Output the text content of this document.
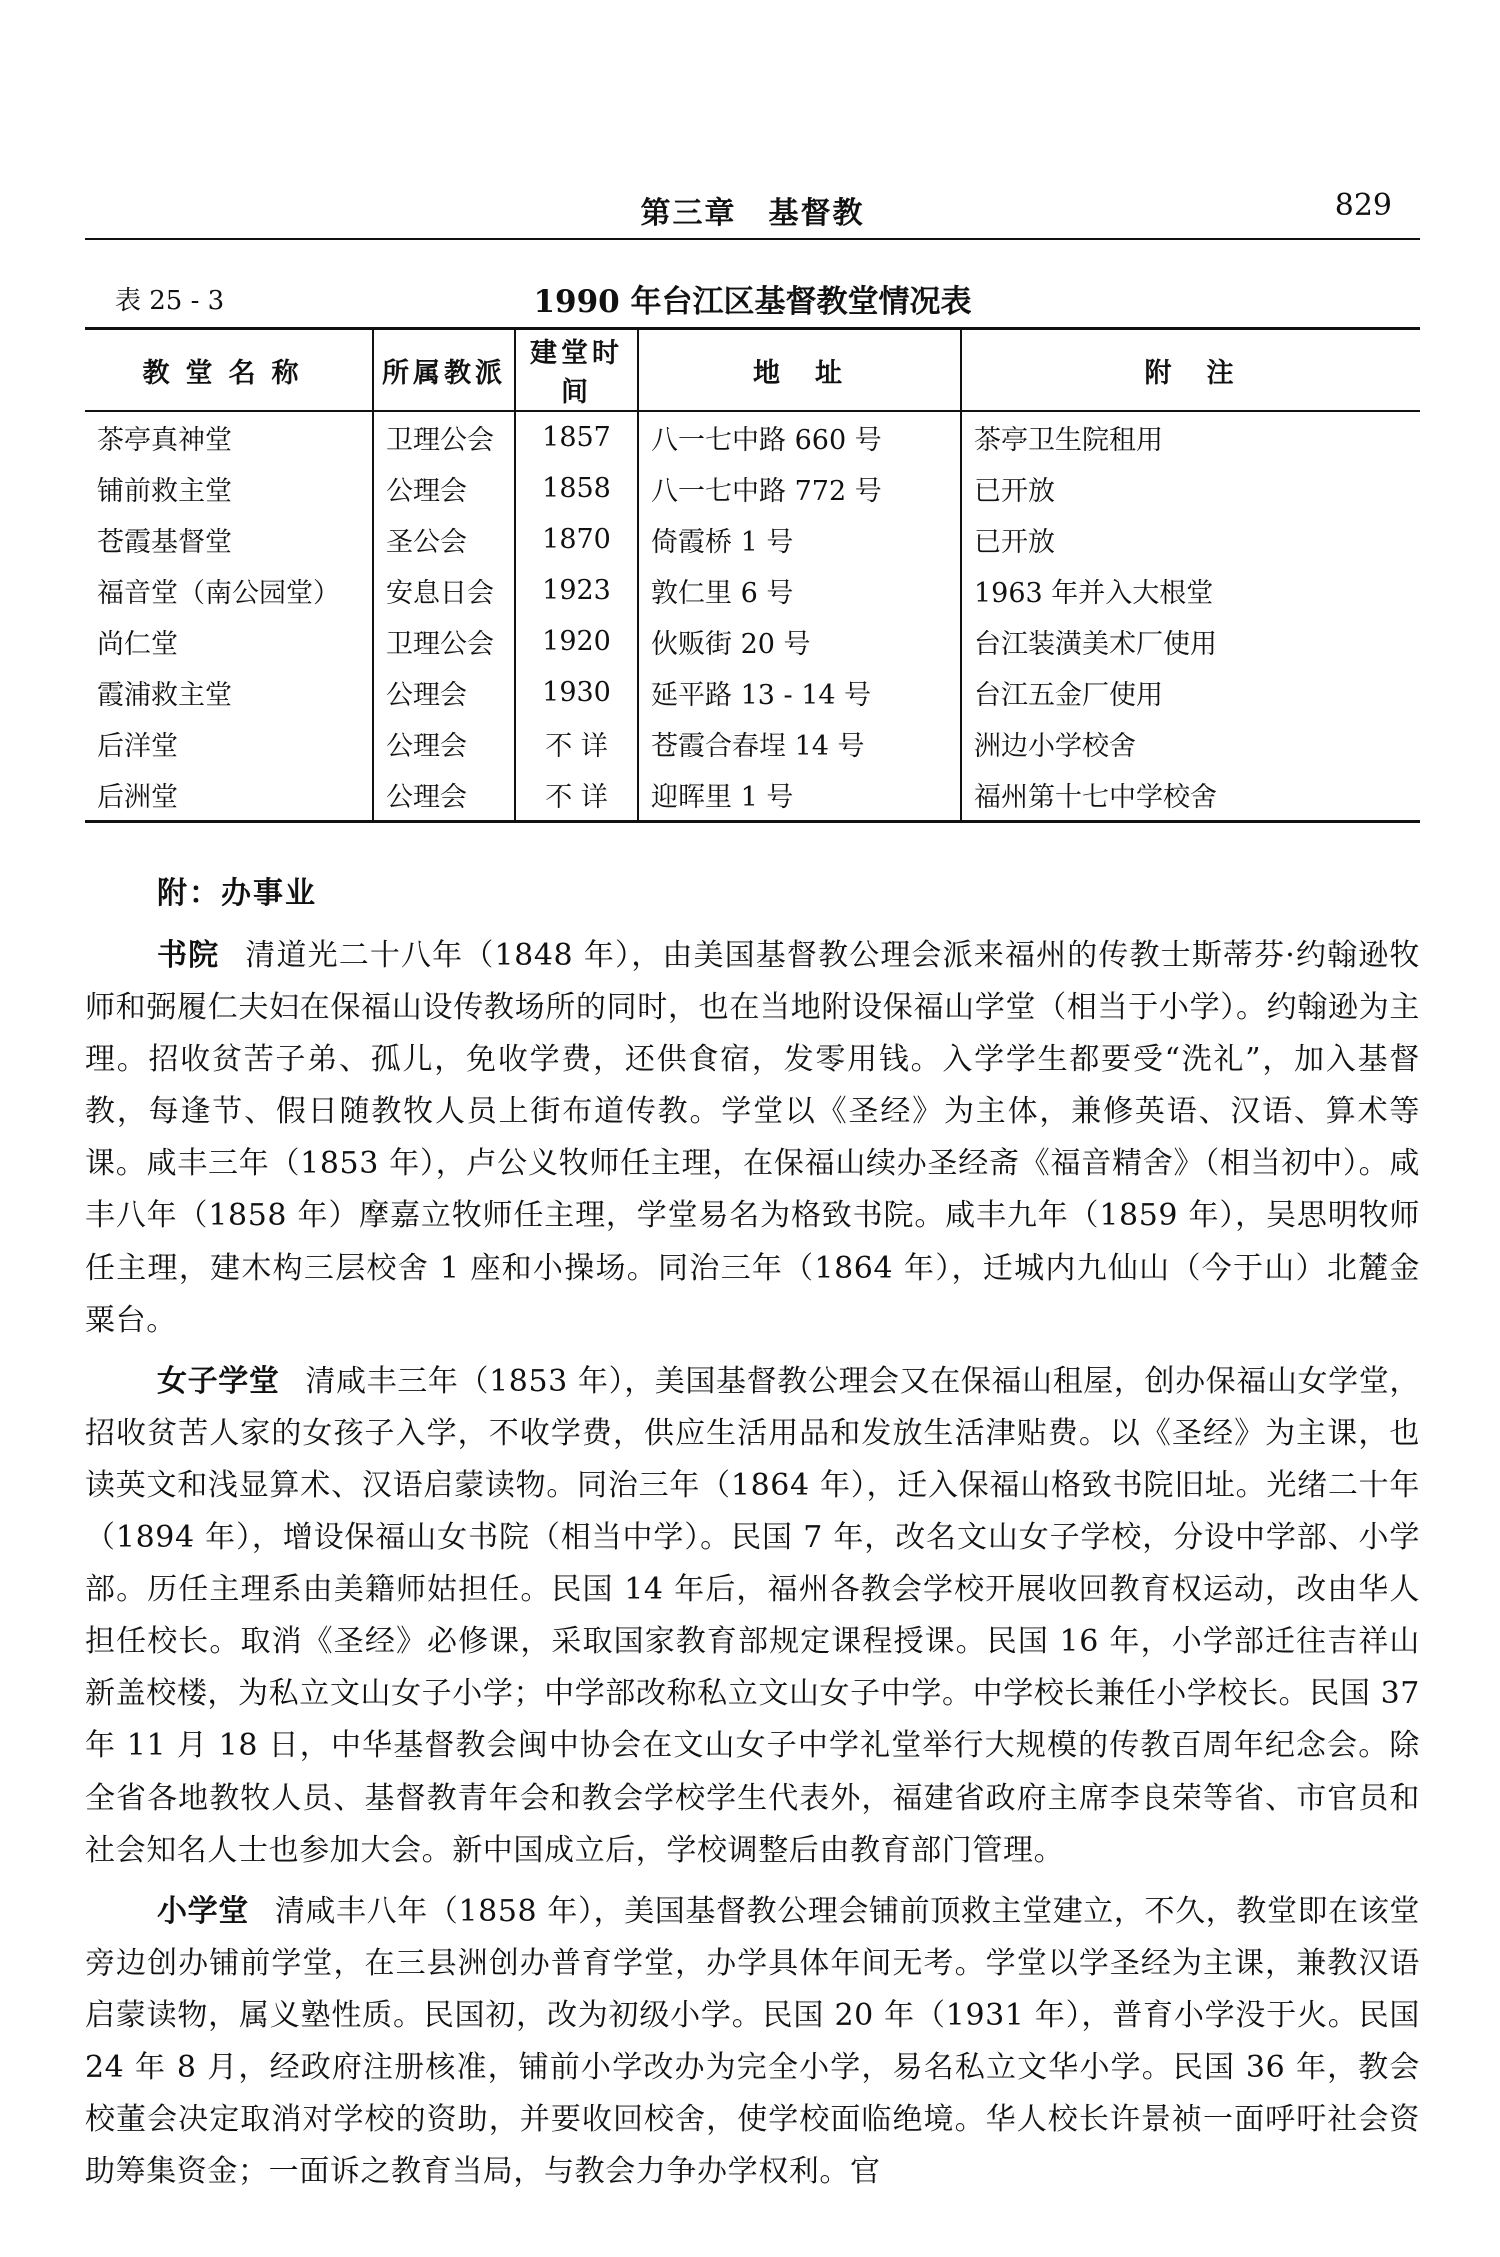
第三章　基督教	829
表 25 - 3	1990 年台江区基督教堂情况表
教堂名称	所属教派	建堂时间	地　址	附　注
茶亭真神堂	卫理公会	1857	八一七中路 660 号	茶亭卫生院租用
铺前救主堂	公理会	1858	八一七中路 772 号	已开放
苍霞基督堂	圣公会	1870	倚霞桥 1 号	已开放
福音堂（南公园堂）	安息日会	1923	敦仁里 6 号	1963 年并入大根堂
尚仁堂	卫理公会	1920	伙贩街 20 号	台江装潢美术厂使用
霞浦救主堂	公理会	1930	延平路 13 - 14 号	台江五金厂使用
后洋堂	公理会	不 详	苍霞合春埕 14 号	洲边小学校舍
后洲堂	公理会	不 详	迎晖里 1 号	福州第十七中学校舍
附：办事业

书院 清道光二十八年（1848 年），由美国基督教公理会派来福州的传教士斯蒂芬·约翰逊牧师和弼履仁夫妇在保福山设传教场所的同时，也在当地附设保福山学堂（相当于小学）。约翰逊为主理。招收贫苦子弟、孤儿，免收学费，还供食宿，发零用钱。入学学生都要受“洗礼”，加入基督教，每逢节、假日随教牧人员上街布道传教。学堂以《圣经》为主体，兼修英语、汉语、算术等课。咸丰三年（1853 年），卢公义牧师任主理，在保福山续办圣经斋《福音精舍》（相当初中）。咸丰八年（1858 年）摩嘉立牧师任主理，学堂易名为格致书院。咸丰九年（1859 年），吴思明牧师任主理，建木构三层校舍 1 座和小操场。同治三年（1864 年），迁城内九仙山（今于山）北麓金粟台。

女子学堂 清咸丰三年（1853 年），美国基督教公理会又在保福山租屋，创办保福山女学堂，招收贫苦人家的女孩子入学，不收学费，供应生活用品和发放生活津贴费。以《圣经》为主课，也读英文和浅显算术、汉语启蒙读物。同治三年（1864 年），迁入保福山格致书院旧址。光绪二十年（1894 年），增设保福山女书院（相当中学）。民国 7 年，改名文山女子学校，分设中学部、小学部。历任主理系由美籍师姑担任。民国 14 年后，福州各教会学校开展收回教育权运动，改由华人担任校长。取消《圣经》必修课，采取国家教育部规定课程授课。民国 16 年，小学部迁往吉祥山新盖校楼，为私立文山女子小学；中学部改称私立文山女子中学。中学校长兼任小学校长。民国 37 年 11 月 18 日，中华基督教会闽中协会在文山女子中学礼堂举行大规模的传教百周年纪念会。除全省各地教牧人员、基督教青年会和教会学校学生代表外，福建省政府主席李良荣等省、市官员和社会知名人士也参加大会。新中国成立后，学校调整后由教育部门管理。

小学堂 清咸丰八年（1858 年），美国基督教公理会铺前顶救主堂建立，不久，教堂即在该堂旁边创办铺前学堂，在三县洲创办普育学堂，办学具体年间无考。学堂以学圣经为主课，兼教汉语启蒙读物，属义塾性质。民国初，改为初级小学。民国 20 年（1931 年），普育小学没于火。民国 24 年 8 月，经政府注册核准，铺前小学改办为完全小学，易名私立文华小学。民国 36 年，教会校董会决定取消对学校的资助，并要收回校舍，使学校面临绝境。华人校长许景祯一面呼吁社会资助筹集资金；一面诉之教育当局，与教会力争办学权利。官
